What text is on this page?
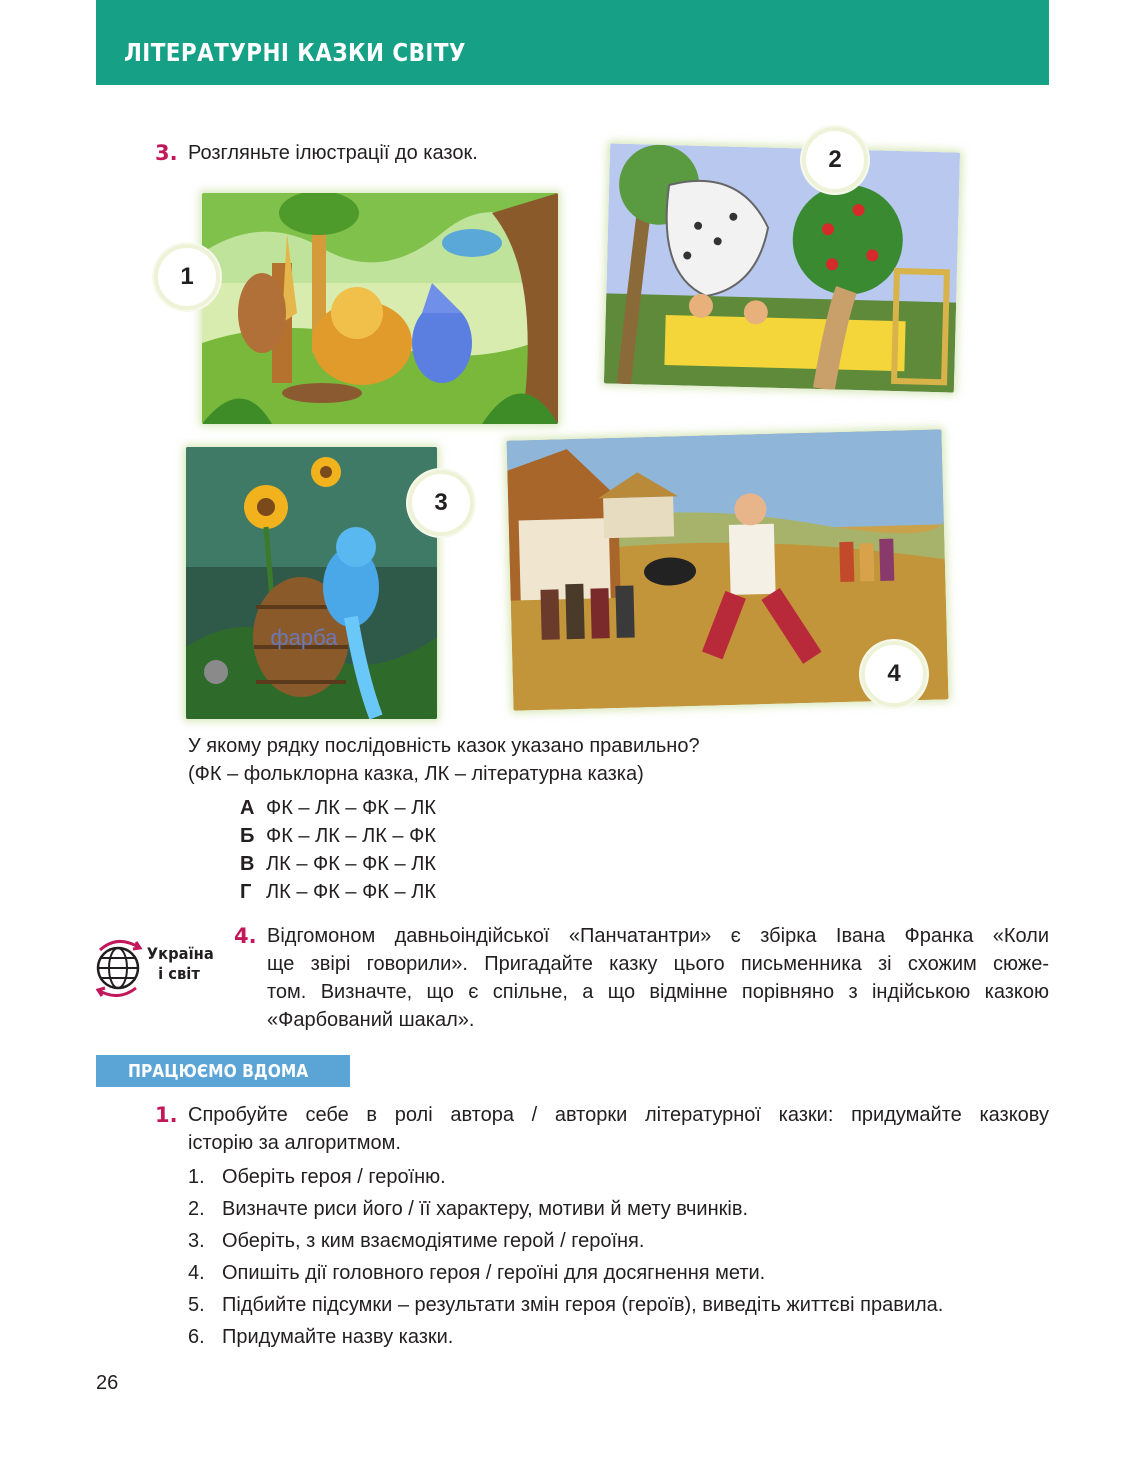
ЛІТЕРАТУРНІ КАЗКИ СВІТУ
3. Розгляньте ілюстрації до казок.
1
2
фарба
3
4
У якому рядку послідовність казок указано правильно?
(ФК – фольклорна казка, ЛК – літературна казка)
А ФК – ЛК – ФК – ЛК
Б ФК – ЛК – ЛК – ФК
В ЛК – ФК – ФК – ЛК
Г ЛК – ФК – ФК – ЛК
Україна
і світ
4. Відгомоном давньоіндійської «Панчатантри» є збірка Івана Франка «Коли
ще звірі говорили». Пригадайте казку цього письменника зі схожим сюже-
том. Визначте, що є спільне, а що відмінне порівняно з індійською казкою
«Фарбований шакал».
ПРАЦЮЄМО ВДОМА
1. Спробуйте себе в ролі автора / авторки літературної казки: придумайте казкову
історію за алгоритмом.
1. Оберіть героя / героїню.
2. Визначте риси його / її характеру, мотиви й мету вчинків.
3. Оберіть, з ким взаємодіятиме герой / героїня.
4. Опишіть дії головного героя / героїні для досягнення мети.
5. Підбийте підсумки – результати змін героя (героїв), виведіть життєві правила.
6. Придумайте назву казки.
26
